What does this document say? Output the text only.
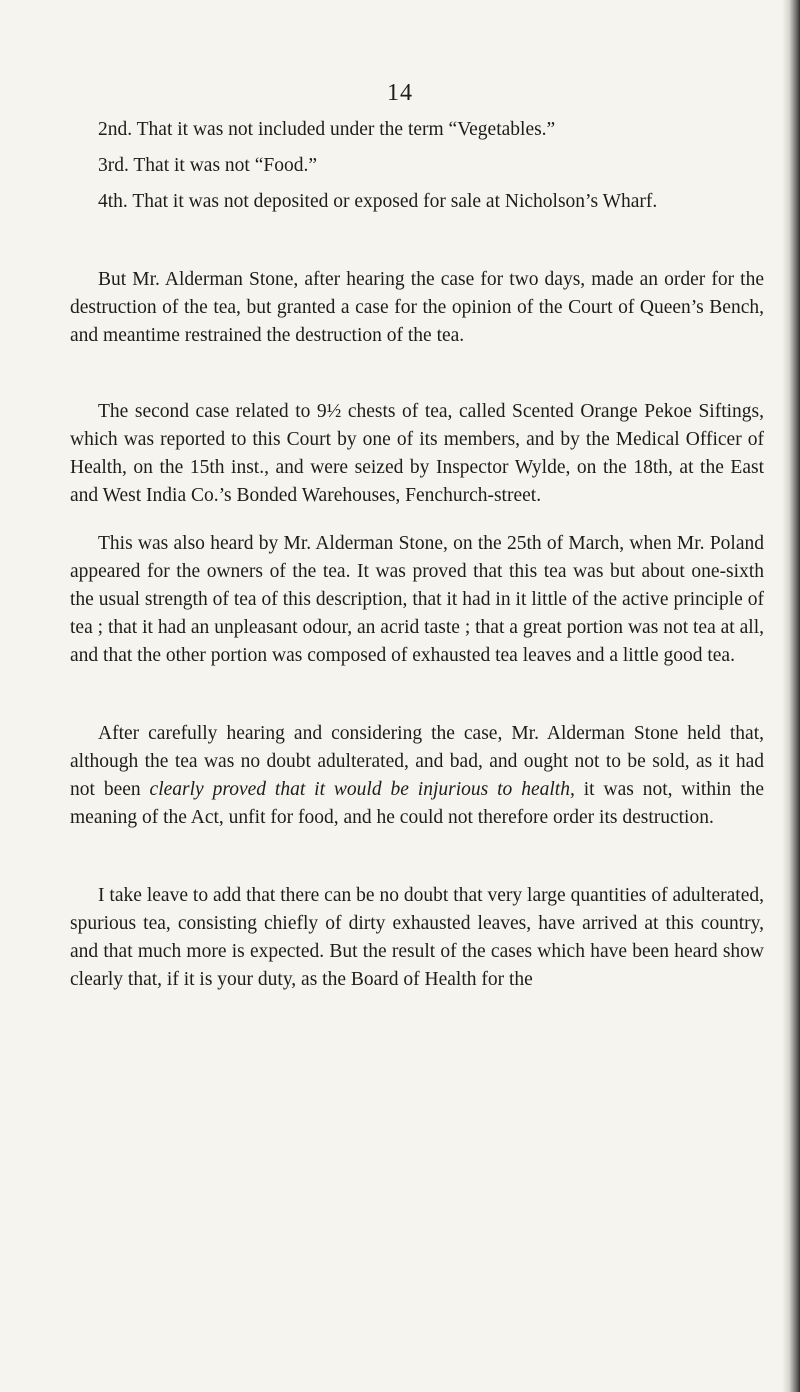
14

2nd. That it was not included under the term “Vegetables.”

3rd. That it was not “Food.”

4th. That it was not deposited or exposed for sale at Nicholson’s Wharf.

But Mr. Alderman Stone, after hearing the case for two days, made an order for the destruction of the tea, but granted a case for the opinion of the Court of Queen’s Bench, and meantime restrained the destruction of the tea.

The second case related to 9½ chests of tea, called Scented Orange Pekoe Siftings, which was reported to this Court by one of its members, and by the Medical Officer of Health, on the 15th inst., and were seized by Inspector Wylde, on the 18th, at the East and West India Co.’s Bonded Warehouses, Fenchurch-street.

This was also heard by Mr. Alderman Stone, on the 25th of March, when Mr. Poland appeared for the owners of the tea. It was proved that this tea was but about one-sixth the usual strength of tea of this description, that it had in it little of the active principle of tea ; that it had an unpleasant odour, an acrid taste ; that a great portion was not tea at all, and that the other portion was composed of exhausted tea leaves and a little good tea.

After carefully hearing and considering the case, Mr. Alderman Stone held that, although the tea was no doubt adulterated, and bad, and ought not to be sold, as it had not been clearly proved that it would be injurious to health, it was not, within the meaning of the Act, unfit for food, and he could not therefore order its destruction.

I take leave to add that there can be no doubt that very large quantities of adulterated, spurious tea, consisting chiefly of dirty exhausted leaves, have arrived at this country, and that much more is expected. But the result of the cases which have been heard show clearly that, if it is your duty, as the Board of Health for the
